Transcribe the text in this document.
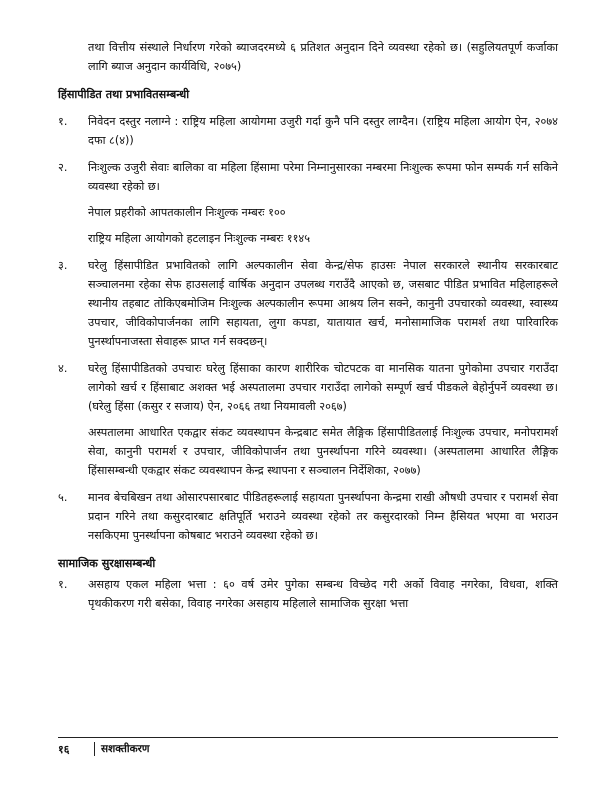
तथा वित्तीय संस्थाले निर्धारण गरेको ब्याजदरमध्ये ६ प्रतिशत अनुदान दिने व्यवस्था रहेको छ। (सहुलियतपूर्ण कर्जाका लागि ब्याज अनुदान कार्यविधि, २०७५)

हिंसापीडित तथा प्रभावितसम्बन्धी
१.	निवेदन दस्तुर नलाग्ने : राष्ट्रिय महिला आयोगमा उजुरी गर्दा कुनै पनि दस्तुर लाग्दैन। (राष्ट्रिय महिला आयोग ऐन, २०७४ दफा ८(४))

२.	निःशुल्क उजुरी सेवाः बालिका वा महिला हिंसामा परेमा निम्नानुसारका नम्बरमा निःशुल्क रूपमा फोन सम्पर्क गर्न सकिने व्यवस्था रहेको छ।

नेपाल प्रहरीको आपतकालीन निःशुल्क नम्बरः १००

राष्ट्रिय महिला आयोगको हटलाइन निःशुल्क नम्बरः ११४५

३.	घरेलु हिंसापीडित प्रभावितको लागि अल्पकालीन सेवा केन्द्र/सेफ हाउसः नेपाल सरकारले स्थानीय सरकारबाट सञ्चालनमा रहेका सेफ हाउसलाई वार्षिक अनुदान उपलब्ध गराउँदै आएको छ, जसबाट पीडित प्रभावित महिलाहरूले स्थानीय तहबाट तोकिएबमोजिम निःशुल्क अल्पकालीन रूपमा आश्रय लिन सक्ने, कानुनी उपचारको व्यवस्था, स्वास्थ्य उपचार, जीविकोपार्जनका लागि सहायता, लुगा कपडा, यातायात खर्च, मनोसामाजिक परामर्श तथा पारिवारिक पुनर्स्थापनाजस्ता सेवाहरू प्राप्त गर्न सक्दछन्।

४.	घरेलु हिंसापीडितको उपचारः घरेलु हिंसाका कारण शारीरिक चोटपटक वा मानसिक यातना पुगेकोमा उपचार गराउँदा लागेको खर्च र हिंसाबाट अशक्त भई अस्पतालमा उपचार गराउँदा लागेको सम्पूर्ण खर्च पीडकले बेहोर्नुपर्ने व्यवस्था छ। (घरेलु हिंसा (कसुर र सजाय) ऐन, २०६६ तथा नियमावली २०६७)

अस्पतालमा आधारित एकद्वार संकट व्यवस्थापन केन्द्रबाट समेत लैङ्गिक हिंसापीडितलाई निःशुल्क उपचार, मनोपरामर्श सेवा, कानुनी परामर्श र उपचार, जीविकोपार्जन तथा पुनर्स्थापना गरिने व्यवस्था। (अस्पतालमा आधारित लैङ्गिक हिंसासम्बन्धी एकद्वार संकट व्यवस्थापन केन्द्र स्थापना र सञ्चालन निर्देशिका, २०७७)

५.	मानव बेचबिखन तथा ओसारपसारबाट पीडितहरूलाई सहायता पुनर्स्थापना केन्द्रमा राखी औषधी उपचार र परामर्श सेवा प्रदान गरिने तथा कसुरदारबाट क्षतिपूर्ति भराउने व्यवस्था रहेको तर कसुरदारको निम्न हैसियत भएमा वा भराउन नसकिएमा पुनर्स्थापना कोषबाट भराउने व्यवस्था रहेको छ।

सामाजिक सुरक्षासम्बन्धी
१.	असहाय एकल महिला भत्ता : ६० वर्ष उमेर पुगेका सम्बन्ध विच्छेद गरी अर्को विवाह नगरेका, विधवा, शक्ति पृथकीकरण गरी बसेका, विवाह नगरेका असहाय महिलाले सामाजिक सुरक्षा भत्ता

१६	सशक्तीकरण
